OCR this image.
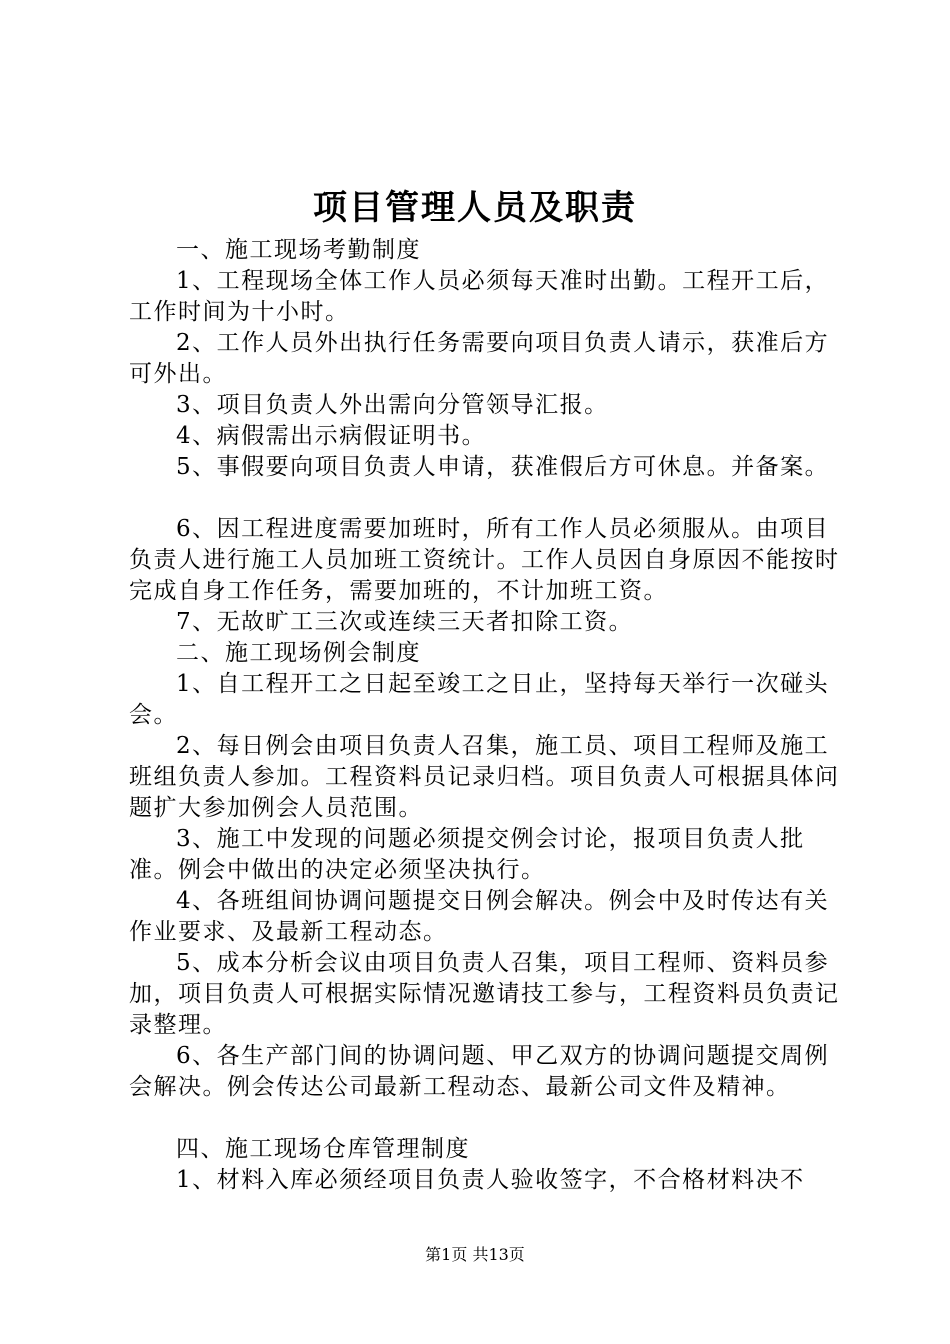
项目管理人员及职责

一、施工现场考勤制度

1、工程现场全体工作人员必须每天准时出勤。工程开工后，工作时间为十小时。

2、工作人员外出执行任务需要向项目负责人请示，获准后方可外出。

3、项目负责人外出需向分管领导汇报。

4、病假需出示病假证明书。

5、事假要向项目负责人申请，获准假后方可休息。并备案。

6、因工程进度需要加班时，所有工作人员必须服从。由项目负责人进行施工人员加班工资统计。工作人员因自身原因不能按时完成自身工作任务，需要加班的，不计加班工资。

7、无故旷工三次或连续三天者扣除工资。

二、施工现场例会制度

1、自工程开工之日起至竣工之日止，坚持每天举行一次碰头会。

2、每日例会由项目负责人召集，施工员、项目工程师及施工班组负责人参加。工程资料员记录归档。项目负责人可根据具体问题扩大参加例会人员范围。

3、施工中发现的问题必须提交例会讨论，报项目负责人批准。例会中做出的决定必须坚决执行。

4、各班组间协调问题提交日例会解决。例会中及时传达有关作业要求、及最新工程动态。

5、成本分析会议由项目负责人召集，项目工程师、资料员参加，项目负责人可根据实际情况邀请技工参与，工程资料员负责记录整理。

6、各生产部门间的协调问题、甲乙双方的协调问题提交周例会解决。例会传达公司最新工程动态、最新公司文件及精神。

四、施工现场仓库管理制度

1、材料入库必须经项目负责人验收签字，不合格材料决不

第1页 共13页
